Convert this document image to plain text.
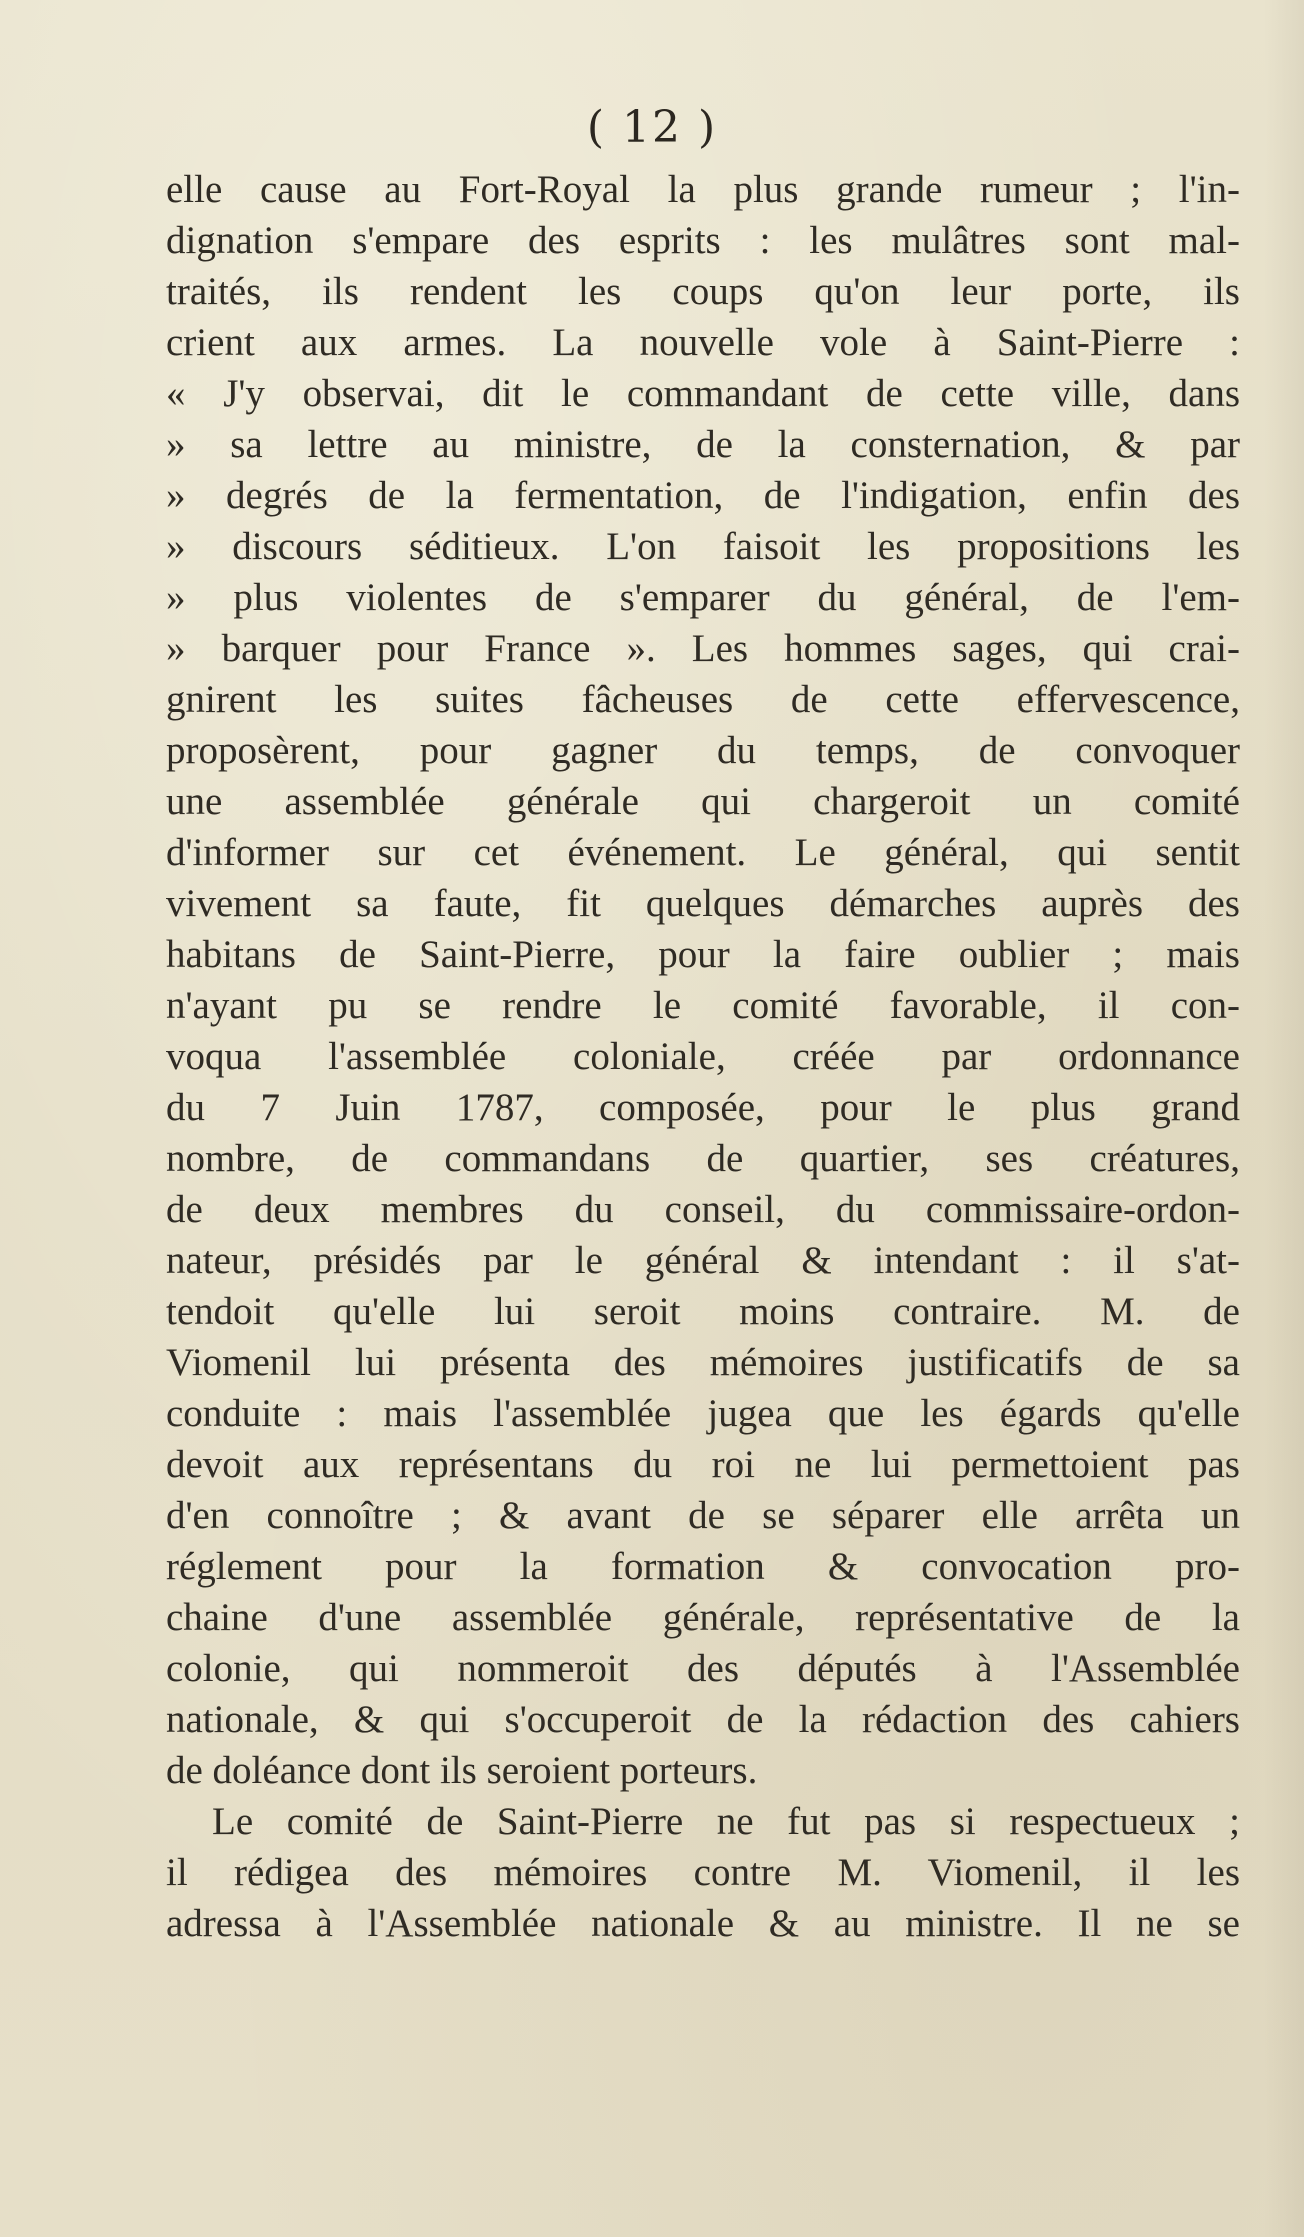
( 12 )
elle cause au Fort-Royal la plus grande rumeur ; l'in-
dignation s'empare des esprits : les mulâtres sont mal-
traités, ils rendent les coups qu'on leur porte, ils
crient aux armes. La nouvelle vole à Saint-Pierre :
« J'y observai, dit le commandant de cette ville, dans
» sa lettre au ministre, de la consternation, & par
» degrés de la fermentation, de l'indigation, enfin des
» discours séditieux. L'on faisoit les propositions les
» plus violentes de s'emparer du général, de l'em-
» barquer pour France ». Les hommes sages, qui crai-
gnirent les suites fâcheuses de cette effervescence,
proposèrent, pour gagner du temps, de convoquer
une assemblée générale qui chargeroit un comité
d'informer sur cet événement. Le général, qui sentit
vivement sa faute, fit quelques démarches auprès des
habitans de Saint-Pierre, pour la faire oublier ; mais
n'ayant pu se rendre le comité favorable, il con-
voqua l'assemblée coloniale, créée par ordonnance
du 7 Juin 1787, composée, pour le plus grand
nombre, de commandans de quartier, ses créatures,
de deux membres du conseil, du commissaire-ordon-
nateur, présidés par le général & intendant : il s'at-
tendoit qu'elle lui seroit moins contraire. M. de
Viomenil lui présenta des mémoires justificatifs de sa
conduite : mais l'assemblée jugea que les égards qu'elle
devoit aux représentans du roi ne lui permettoient pas
d'en connoître ; & avant de se séparer elle arrêta un
réglement pour la formation & convocation pro-
chaine d'une assemblée générale, représentative de la
colonie, qui nommeroit des députés à l'Assemblée
nationale, & qui s'occuperoit de la rédaction des cahiers
de doléance dont ils seroient porteurs.
Le comité de Saint-Pierre ne fut pas si respectueux ;
il rédigea des mémoires contre M. Viomenil, il les
adressa à l'Assemblée nationale & au ministre. Il ne se
